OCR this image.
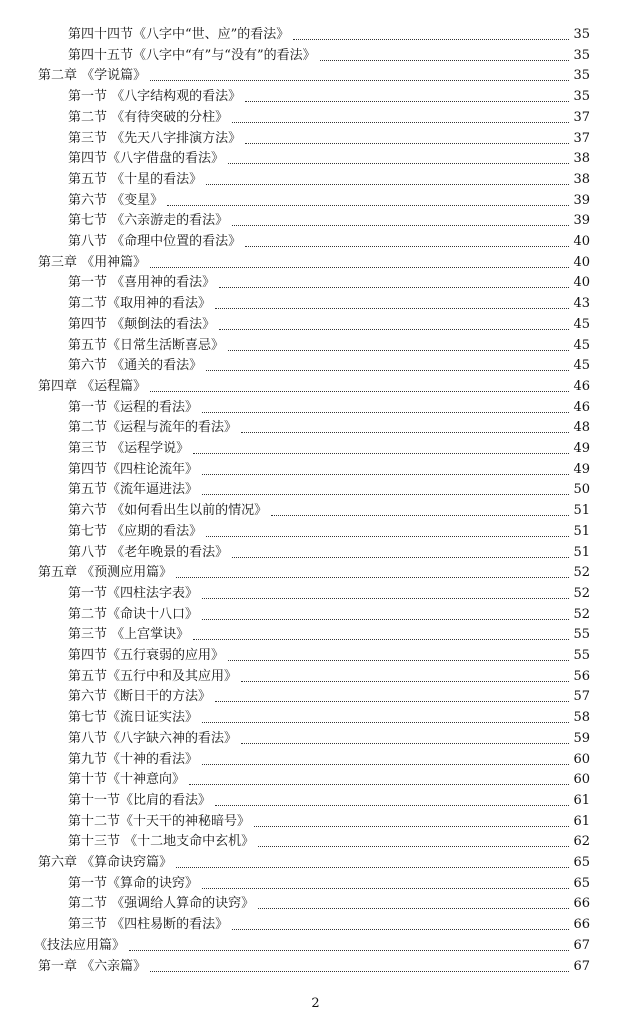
第四十四节《八字中“世、应”的看法》	35
第四十五节《八字中“有”与“没有”的看法》	35
第二章 《学说篇》	35
第一节 《八字结构观的看法》	35
第二节 《有待突破的分柱》	37
第三节 《先天八字排演方法》	37
第四节《八字借盘的看法》	38
第五节 《十星的看法》	38
第六节 《变星》	39
第七节 《六亲游走的看法》	39
第八节 《命理中位置的看法》	40
第三章 《用神篇》	40
第一节 《喜用神的看法》	40
第二节《取用神的看法》	43
第四节 《颠倒法的看法》	45
第五节《日常生活断喜忌》	45
第六节 《通关的看法》	45
第四章 《运程篇》	46
第一节《运程的看法》	46
第二节《运程与流年的看法》	48
第三节 《运程学说》	49
第四节《四柱论流年》	49
第五节《流年逼进法》	50
第六节 《如何看出生以前的情况》	51
第七节 《应期的看法》	51
第八节 《老年晚景的看法》	51
第五章 《预测应用篇》	52
第一节《四柱法字表》	52
第二节《命诀十八口》	52
第三节 《上宫掌诀》	55
第四节《五行衰弱的应用》	55
第五节《五行中和及其应用》	56
第六节《断日干的方法》	57
第七节《流日证实法》	58
第八节《八字缺六神的看法》	59
第九节《十神的看法》	60
第十节《十神意向》	60
第十一节《比肩的看法》	61
第十二节《十天干的神秘暗号》	61
第十三节 《十二地支命中玄机》	62
第六章 《算命诀窍篇》	65
第一节《算命的诀窍》	65
第二节 《强调给人算命的诀窍》	66
第三节 《四柱易断的看法》	66
《技法应用篇》	67
第一章 《六亲篇》	67
2
